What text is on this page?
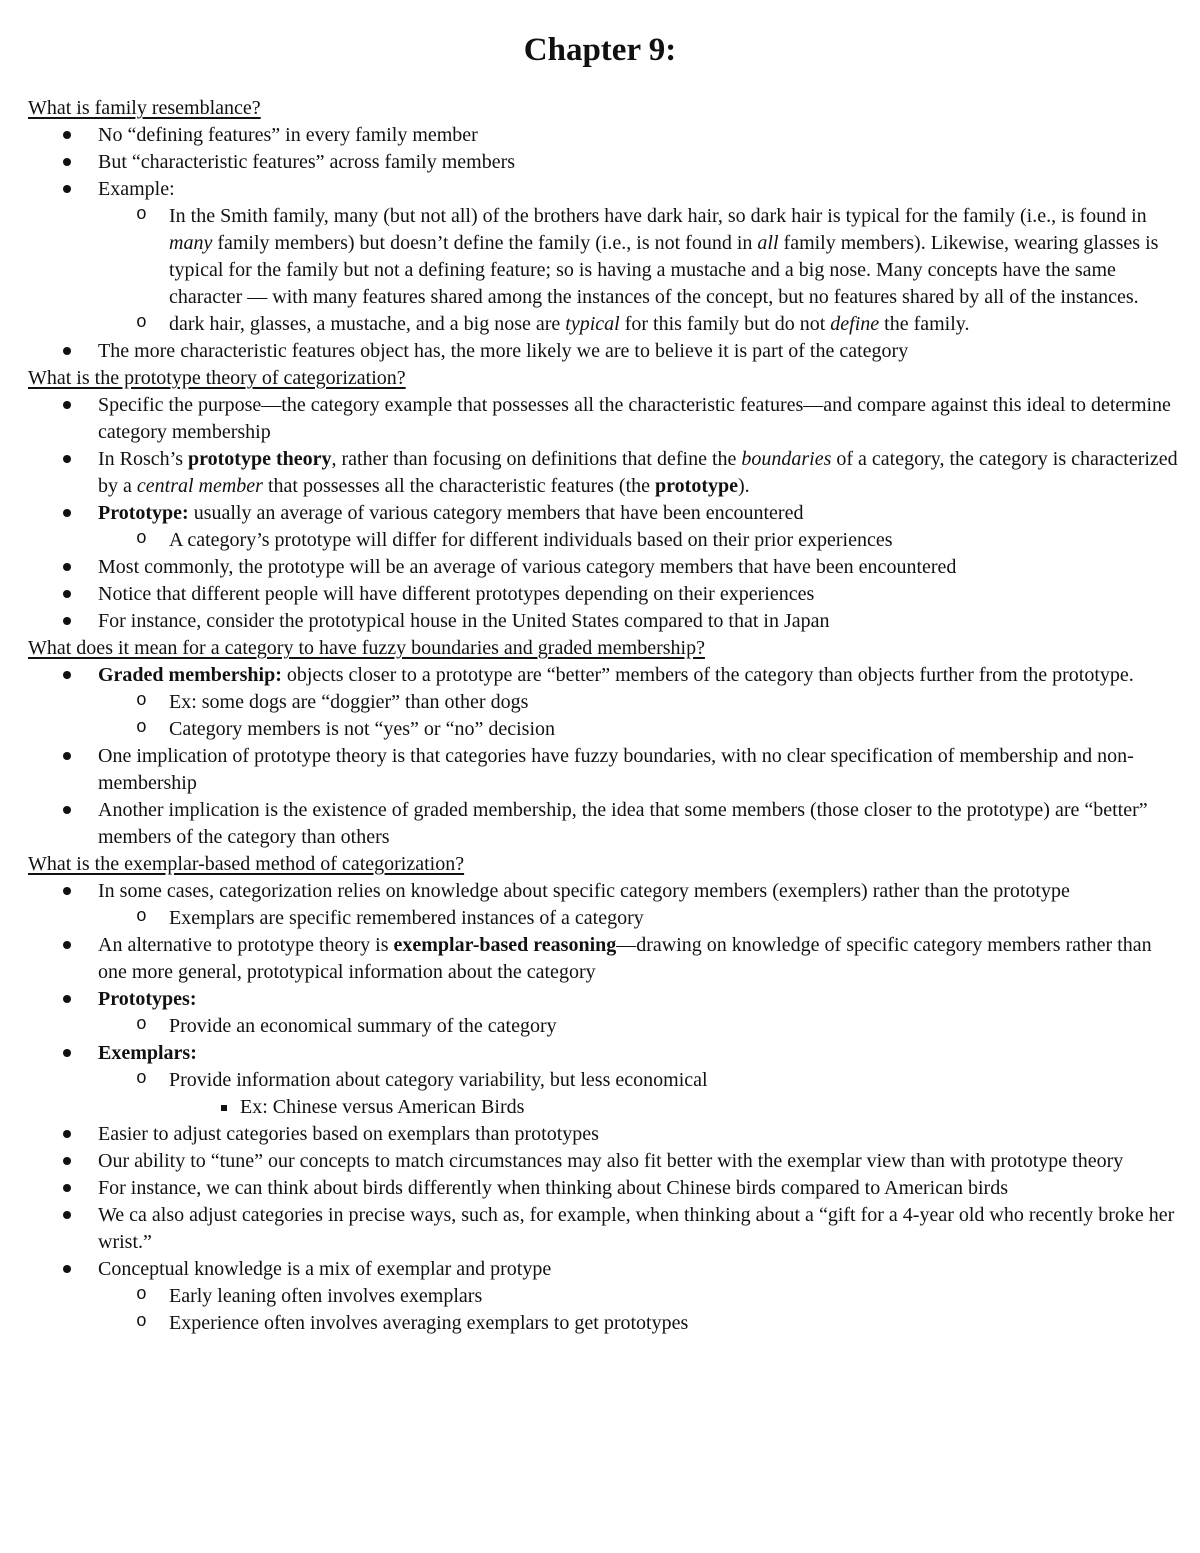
Chapter 9:
What is family resemblance?
No “defining features” in every family member
But “characteristic features” across family members
Example:
o In the Smith family, many (but not all) of the brothers have dark hair, so dark hair is typical for the family (i.e., is found in many family members) but doesn’t define the family (i.e., is not found in all family members). Likewise, wearing glasses is typical for the family but not a defining feature; so is having a mustache and a big nose. Many concepts have the same character — with many features shared among the instances of the concept, but no features shared by all of the instances.
o dark hair, glasses, a mustache, and a big nose are typical for this family but do not define the family.
The more characteristic features object has, the more likely we are to believe it is part of the category
What is the prototype theory of categorization?
Specific the purpose—the category example that possesses all the characteristic features—and compare against this ideal to determine category membership
In Rosch’s prototype theory, rather than focusing on definitions that define the boundaries of a category, the category is characterized by a central member that possesses all the characteristic features (the prototype).
Prototype: usually an average of various category members that have been encountered
o A category’s prototype will differ for different individuals based on their prior experiences
Most commonly, the prototype will be an average of various category members that have been encountered
Notice that different people will have different prototypes depending on their experiences
For instance, consider the prototypical house in the United States compared to that in Japan
What does it mean for a category to have fuzzy boundaries and graded membership?
Graded membership: objects closer to a prototype are “better” members of the category than objects further from the prototype.
o Ex: some dogs are “doggier” than other dogs
o Category members is not “yes” or “no” decision
One implication of prototype theory is that categories have fuzzy boundaries, with no clear specification of membership and non-membership
Another implication is the existence of graded membership, the idea that some members (those closer to the prototype) are “better” members of the category than others
What is the exemplar-based method of categorization?
In some cases, categorization relies on knowledge about specific category members (exemplers) rather than the prototype
o Exemplars are specific remembered instances of a category
An alternative to prototype theory is exemplar-based reasoning—drawing on knowledge of specific category members rather than one more general, prototypical information about the category
Prototypes:
o Provide an economical summary of the category
Exemplars:
o Provide information about category variability, but less economical
Ex: Chinese versus American Birds
Easier to adjust categories based on exemplars than prototypes
Our ability to “tune” our concepts to match circumstances may also fit better with the exemplar view than with prototype theory
For instance, we can think about birds differently when thinking about Chinese birds compared to American birds
We ca also adjust categories in precise ways, such as, for example, when thinking about a “gift for a 4-year old who recently broke her wrist.”
Conceptual knowledge is a mix of exemplar and protype
o Early leaning often involves exemplars
o Experience often involves averaging exemplars to get prototypes
